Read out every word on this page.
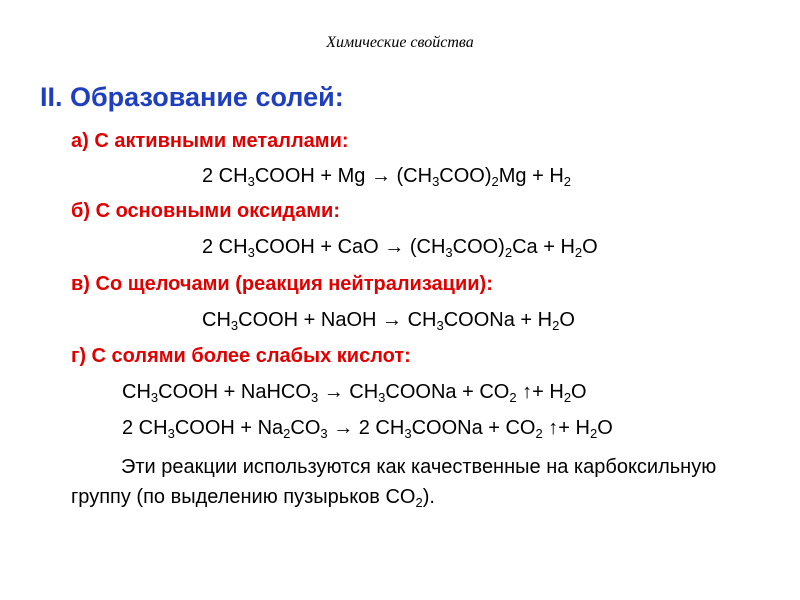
Химические свойства
II. Образование солей:
а) С активными металлами:
2 $CH_3COOH + Mg \to (CH_3COO)_2Mg + H_2$
б) С основными оксидами:
2 $CH_3COOH$ + CaO → $(CH_3COO)_2Ca + H_2O$
в) Со щелочами (реакция нейтрализации):
$CH_3COOH$ + NaOH → $CH_3COONa + H_2O$
г) С солями более слабых кислот:
$CH_3COOH$ + NaHCO$_3$ → $CH_3COONa + CO_2$ ↑+ $H_2O$
2 $CH_3COOH + Na_2CO_3 \to 2$ $CH_3COONa + CO_2$ ↑+ $H_2O$
Эти реакции используются как качественные на карбоксильную группу (по выделению пузырьков $CO_2$).
